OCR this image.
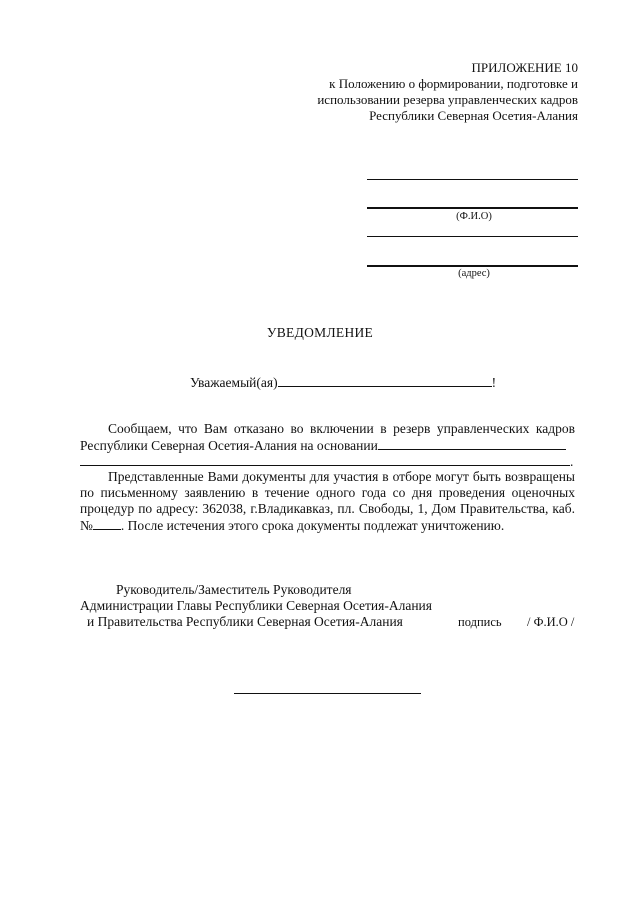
ПРИЛОЖЕНИЕ 10
к Положению о формировании, подготовке и
использовании резерва управленческих кадров
Республики Северная Осетия-Алания
(Ф.И.О)
(адрес)
УВЕДОМЛЕНИЕ
Уважаемый(ая)	!
Сообщаем, что Вам отказано во включении в резерв управленческих кадров Республики Северная Осетия-Алания на основании
.
Представленные Вами документы для участия в отборе могут быть возвращены по письменному заявлению в течение одного года со дня проведения оценочных процедур по адресу: 362038, г.Владикавказ, пл. Свободы, 1, Дом Правительства, каб. № . После истечения этого срока документы подлежат уничтожению.
Руководитель/Заместитель Руководителя
Администрации Главы Республики Северная Осетия-Алания
и Правительства Республики Северная Осетия-Алания	подпись / Ф.И.О /
